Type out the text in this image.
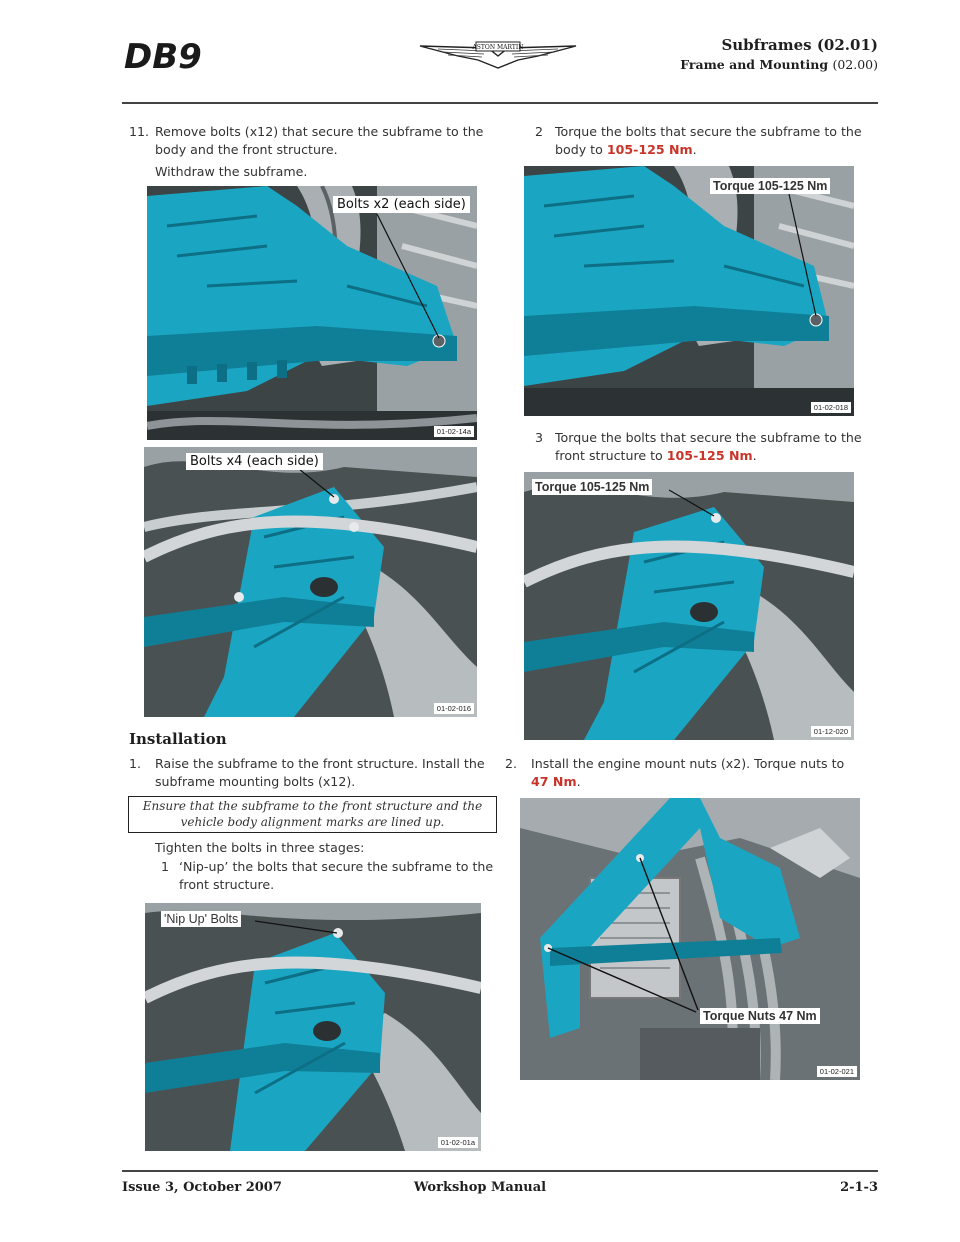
DB9	ASTON MARTIN	Subframes (02.01)
Frame and Mounting (02.00)
11. Remove bolts (x12) that secure the subframe to the
body and the front structure.
Withdraw the subframe.
Bolts x2 (each side)
01-02-14a
Bolts x4 (each side)
01-02-016
Installation
1. Raise the subframe to the front structure. Install the
subframe mounting bolts (x12).
Ensure that the subframe to the front structure and the
vehicle body alignment marks are lined up.
Tighten the bolts in three stages:
1 ‘Nip-up’ the bolts that secure the subframe to the
front structure.
'Nip Up' Bolts
01-02-01a
2 Torque the bolts that secure the subframe to the
body to 105-125 Nm.
Torque 105-125 Nm
01-02-018
3 Torque the bolts that secure the subframe to the
front structure to 105-125 Nm.
Torque 105-125 Nm
01-12-020
2. Install the engine mount nuts (x2). Torque nuts to
47 Nm.
Torque Nuts 47 Nm
01-02-021
Issue 3, October 2007	Workshop Manual	2-1-3
